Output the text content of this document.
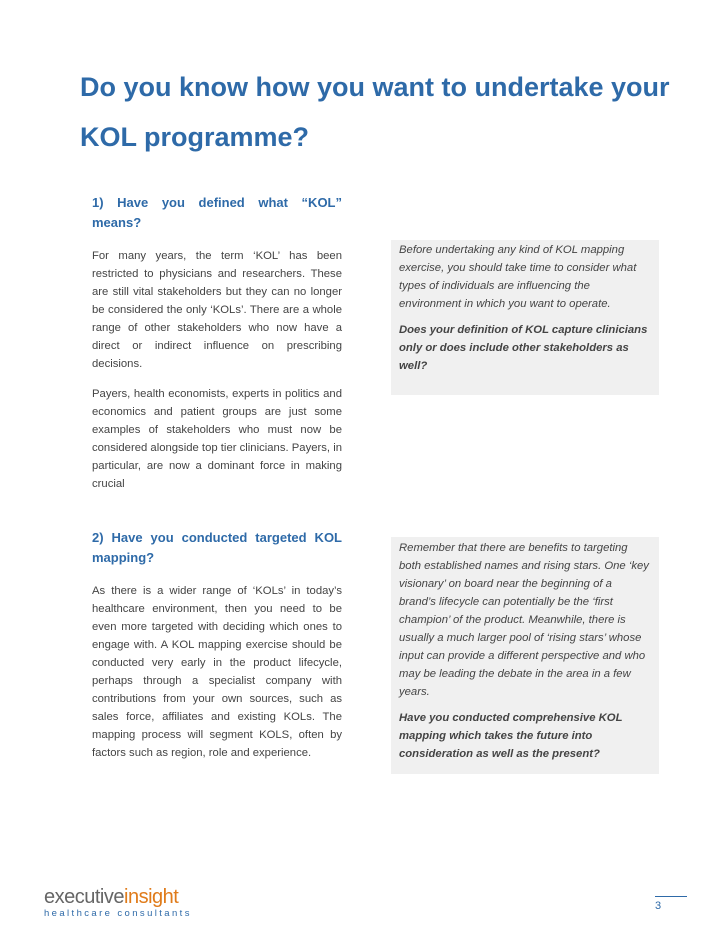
Do you know how you want to undertake your KOL programme?
1) Have you defined what “KOL” means?

For many years, the term ‘KOL’ has been restricted to physicians and researchers. These are still vital stakeholders but they can no longer be considered the only ‘KOLs’. There are a whole range of other stakeholders who now have a direct or indirect influence on prescribing decisions.

Payers, health economists, experts in politics and economics and patient groups are just some examples of stakeholders who must now be considered alongside top tier clinicians. Payers, in particular, are now a dominant force in making crucial

Before undertaking any kind of KOL mapping exercise, you should take time to consider what types of individuals are influencing the environment in which you want to operate.

Does your definition of KOL capture clinicians only or does include other stakeholders as well?

2) Have you conducted targeted KOL mapping?

As there is a wider range of ‘KOLs’ in today’s healthcare environment, then you need to be even more targeted with deciding which ones to engage with. A KOL mapping exercise should be conducted very early in the product lifecycle, perhaps through a specialist company with contributions from your own sources, such as sales force, affiliates and existing KOLs. The mapping process will segment KOLS, often by factors such as region, role and experience.

Remember that there are benefits to targeting both established names and rising stars. One ‘key visionary’ on board near the beginning of a brand’s lifecycle can potentially be the ‘first champion’ of the product. Meanwhile, there is usually a much larger pool of ‘rising stars’ whose input can provide a different perspective and who may be leading the debate in the area in a few years.

Have you conducted comprehensive KOL mapping which takes the future into consideration as well as the present?

executiveinsight
healthcare consultants
3
